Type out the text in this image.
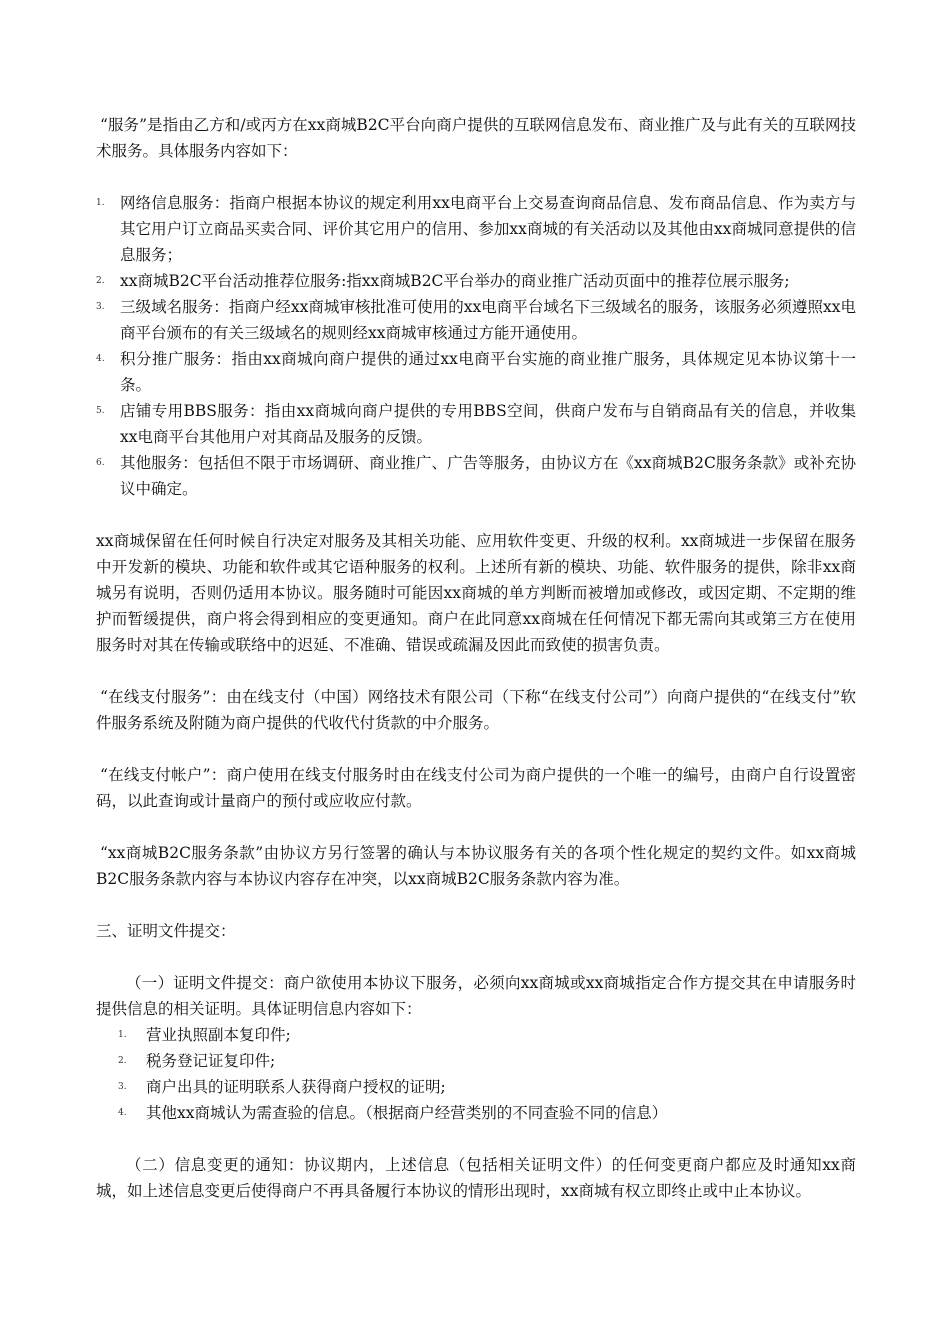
“服务”是指由乙方和/或丙方在xx商城B2C平台向商户提供的互联网信息发布、商业推广及与此有关的互联网技术服务。具体服务内容如下：

1. 网络信息服务：指商户根据本协议的规定利用xx电商平台上交易查询商品信息、发布商品信息、作为卖方与其它用户订立商品买卖合同、评价其它用户的信用、参加xx商城的有关活动以及其他由xx商城同意提供的信息服务；
2. xx商城B2C平台活动推荐位服务:指xx商城B2C平台举办的商业推广活动页面中的推荐位展示服务;
3. 三级域名服务：指商户经xx商城审核批准可使用的xx电商平台域名下三级域名的服务，该服务必须遵照xx电商平台颁布的有关三级域名的规则经xx商城审核通过方能开通使用。
4. 积分推广服务：指由xx商城向商户提供的通过xx电商平台实施的商业推广服务，具体规定见本协议第十一条。
5. 店铺专用BBS服务：指由xx商城向商户提供的专用BBS空间，供商户发布与自销商品有关的信息，并收集xx电商平台其他用户对其商品及服务的反馈。
6. 其他服务：包括但不限于市场调研、商业推广、广告等服务，由协议方在《xx商城B2C服务条款》或补充协议中确定。

xx商城保留在任何时候自行决定对服务及其相关功能、应用软件变更、升级的权利。xx商城进一步保留在服务中开发新的模块、功能和软件或其它语种服务的权利。上述所有新的模块、功能、软件服务的提供，除非xx商城另有说明，否则仍适用本协议。服务随时可能因xx商城的单方判断而被增加或修改，或因定期、不定期的维护而暂缓提供，商户将会得到相应的变更通知。商户在此同意xx商城在任何情况下都无需向其或第三方在使用服务时对其在传输或联络中的迟延、不准确、错误或疏漏及因此而致使的损害负责。

“在线支付服务”：由在线支付（中国）网络技术有限公司（下称“在线支付公司”）向商户提供的“在线支付”软件服务系统及附随为商户提供的代收代付货款的中介服务。

“在线支付帐户”：商户使用在线支付服务时由在线支付公司为商户提供的一个唯一的编号，由商户自行设置密码，以此查询或计量商户的预付或应收应付款。

“xx商城B2C服务条款”由协议方另行签署的确认与本协议服务有关的各项个性化规定的契约文件。如xx商城B2C服务条款内容与本协议内容存在冲突，以xx商城B2C服务条款内容为准。

三、证明文件提交：

（一）证明文件提交：商户欲使用本协议下服务，必须向xx商城或xx商城指定合作方提交其在申请服务时提供信息的相关证明。具体证明信息内容如下：

1.	营业执照副本复印件;
2.	税务登记证复印件;
3.	商户出具的证明联系人获得商户授权的证明;
4.	其他xx商城认为需查验的信息。（根据商户经营类别的不同查验不同的信息）

（二）信息变更的通知：协议期内，上述信息（包括相关证明文件）的任何变更商户都应及时通知xx商城，如上述信息变更后使得商户不再具备履行本协议的情形出现时，xx商城有权立即终止或中止本协议。
